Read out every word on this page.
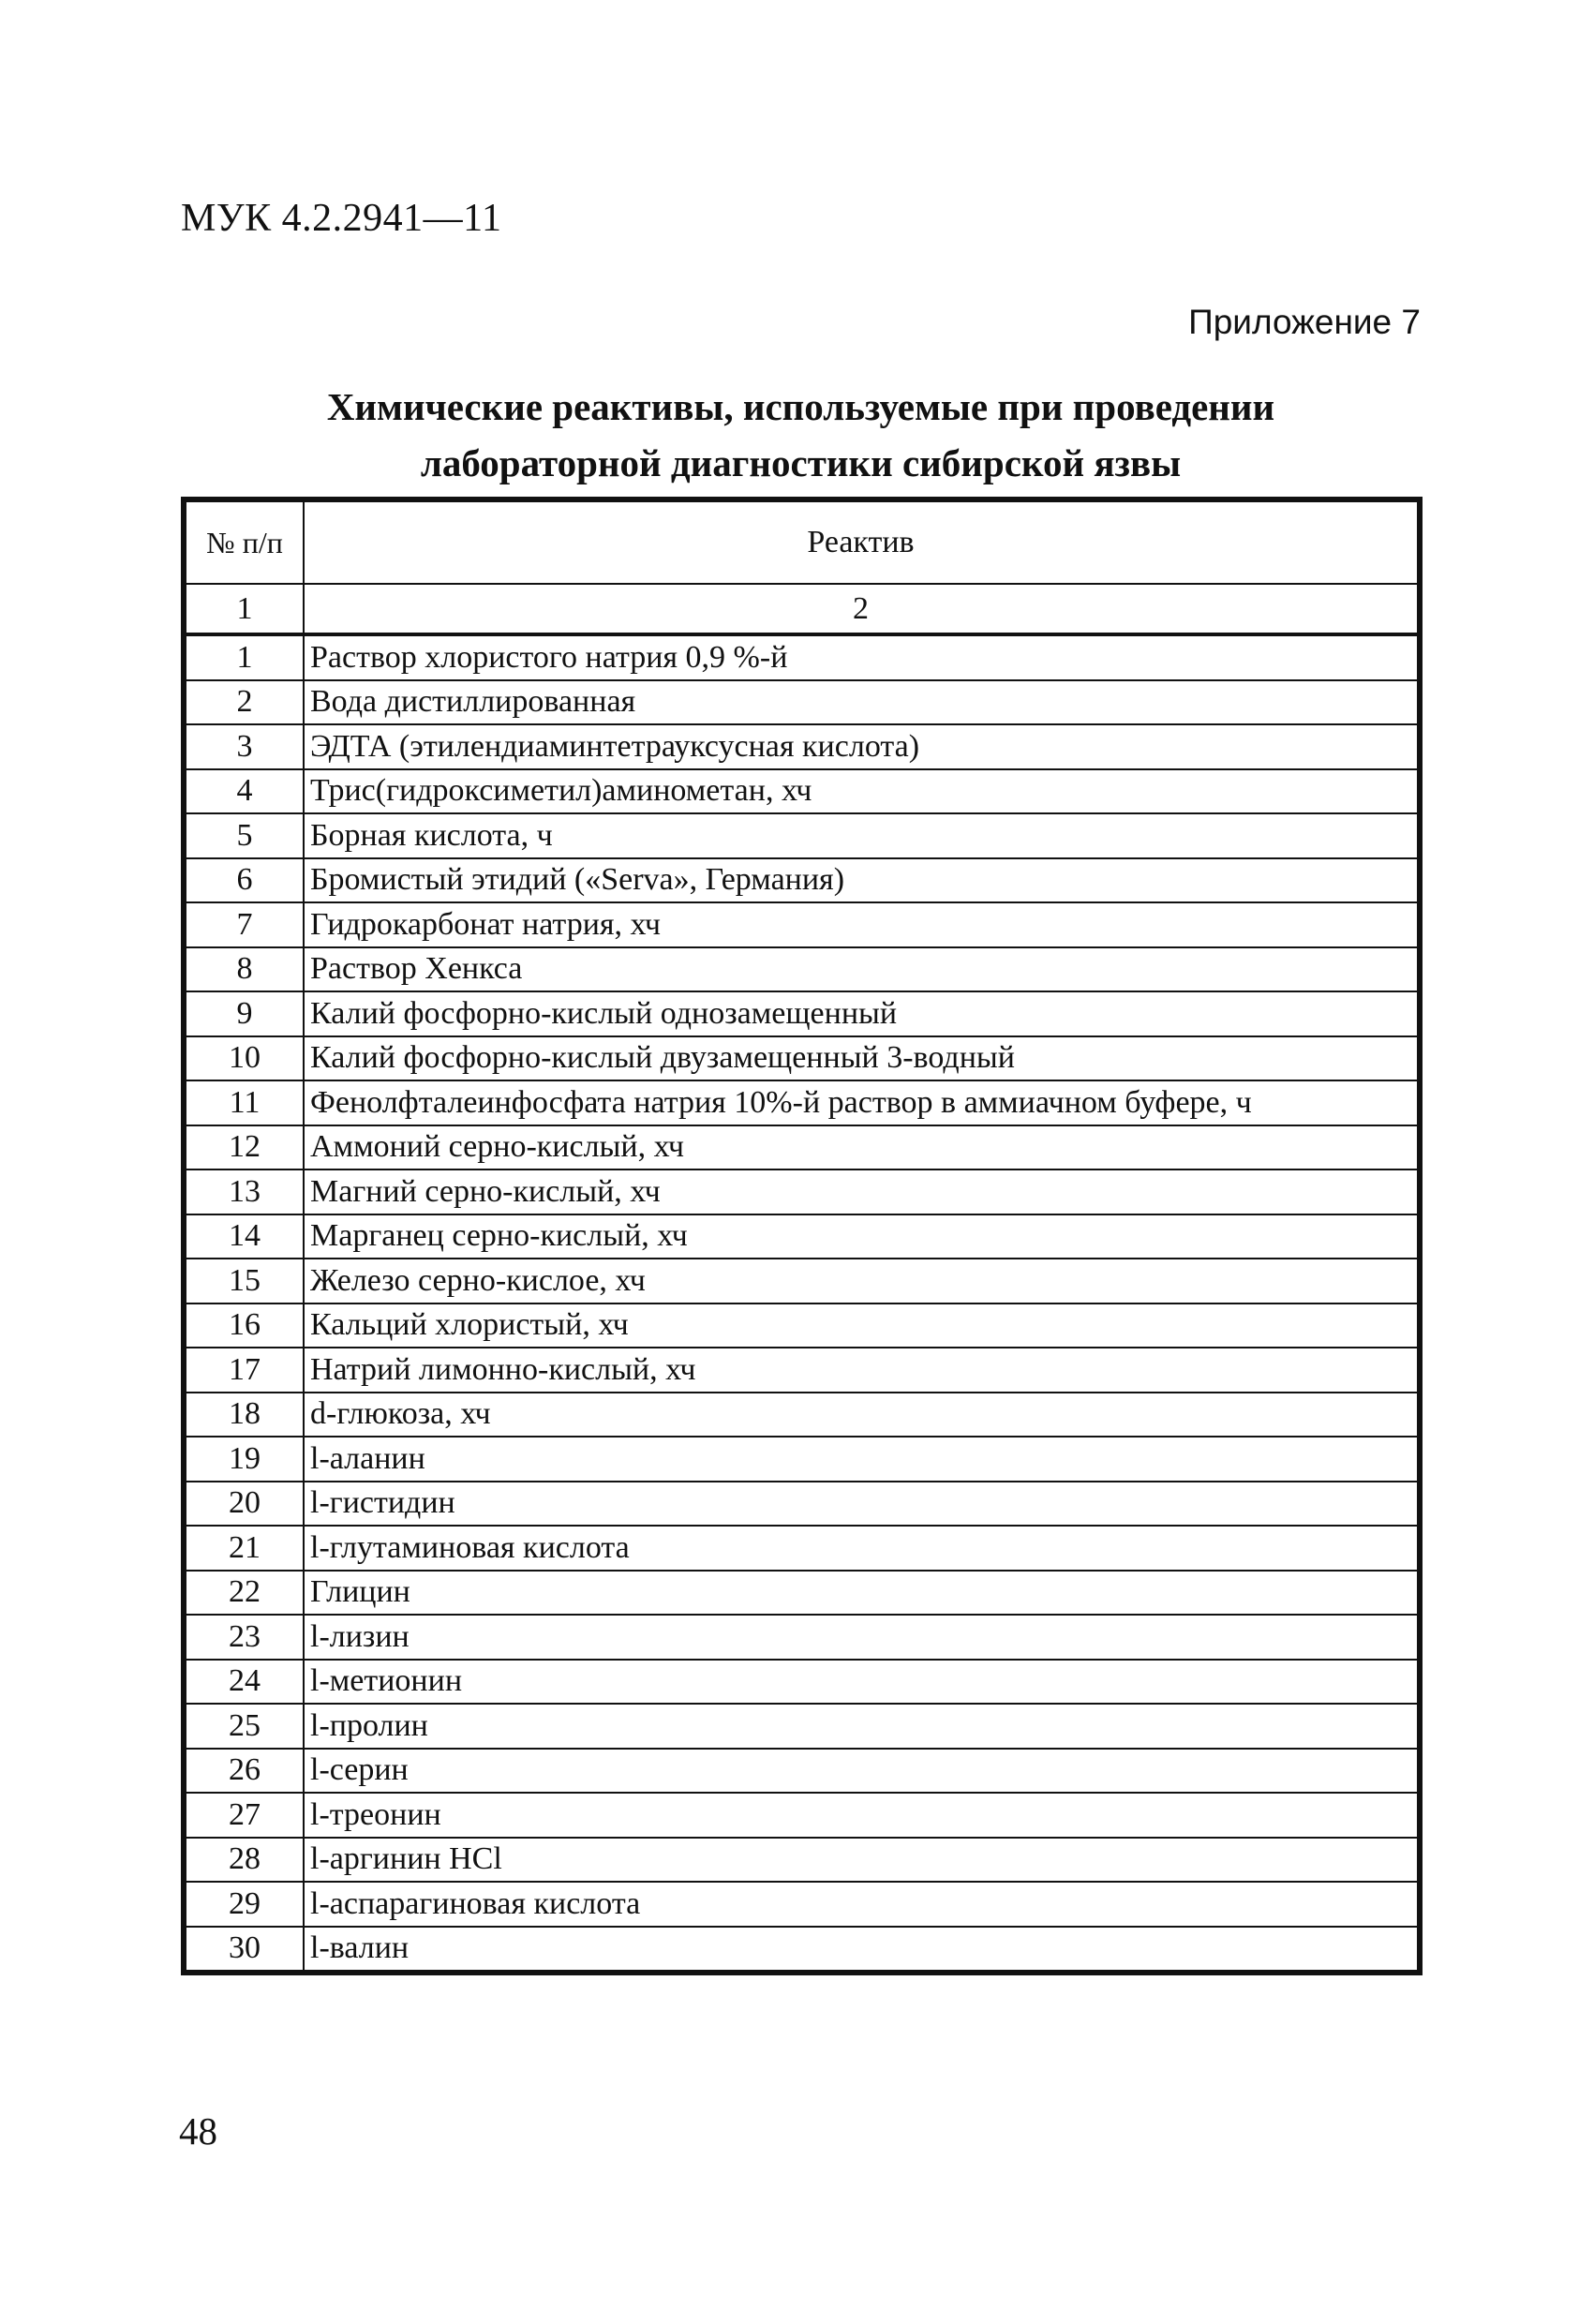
МУК 4.2.2941—11
Приложение 7
Химические реактивы, используемые при проведении
лабораторной диагностики сибирской язвы
№ п/п	Реактив
1	2
1	Раствор хлористого натрия 0,9 %-й
2	Вода дистиллированная
3	ЭДТА (этилендиаминтетрауксусная кислота)
4	Трис(гидроксиметил)аминометан, хч
5	Борная кислота, ч
6	Бромистый этидий («Serva», Германия)
7	Гидрокарбонат натрия, хч
8	Раствор Хенкса
9	Калий фосфорно-кислый однозамещенный
10	Калий фосфорно-кислый двузамещенный 3-водный
11	Фенолфталеинфосфата натрия 10%-й раствор в аммиачном буфере, ч
12	Аммоний серно-кислый, хч
13	Магний серно-кислый, хч
14	Марганец серно-кислый, хч
15	Железо серно-кислое, хч
16	Кальций хлористый, хч
17	Натрий лимонно-кислый, хч
18	d-глюкоза, хч
19	l-аланин
20	l-гистидин
21	l-глутаминовая кислота
22	Глицин
23	l-лизин
24	l-метионин
25	l-пролин
26	l-серин
27	l-треонин
28	l-аргинин HCl
29	l-аспарагиновая кислота
30	l-валин
48
